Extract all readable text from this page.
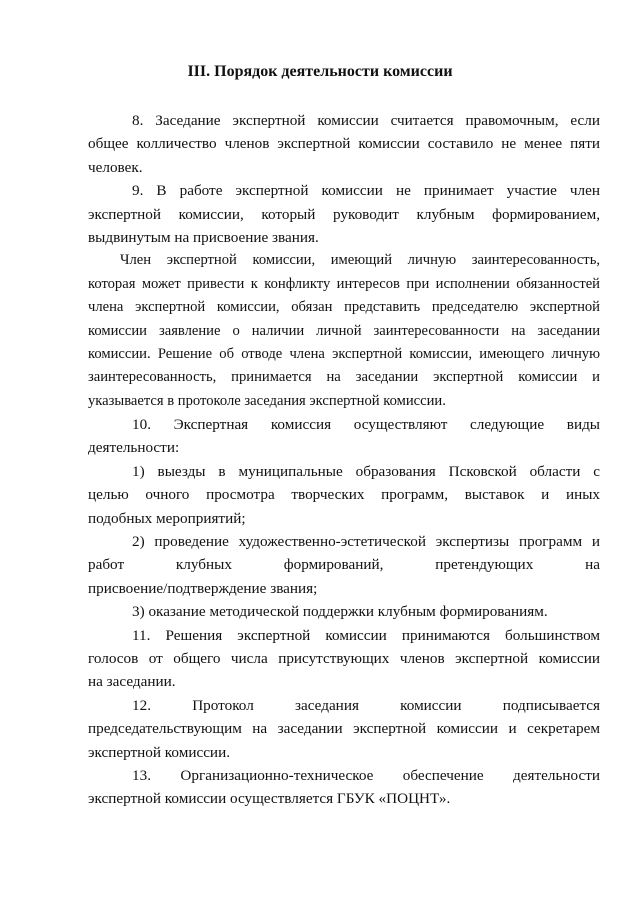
III. Порядок деятельности комиссии
8. Заседание экспертной комиссии считается правомочным, если
общее колличество членов экспертной комиссии составило не менее пяти
человек.
9. В работе экспертной комиссии не принимает участие член
экспертной комиссии, который руководит клубным формированием,
выдвинутым на присвоение звания.
Член экспертной комиссии, имеющий личную заинтересованность,
которая может привести к конфликту интересов при исполнении обязанностей
члена экспертной комиссии, обязан представить председателю экспертной
комиссии заявление о наличии личной заинтересованности на заседании
комиссии. Решение об отводе члена экспертной комиссии, имеющего личную
заинтересованность, принимается на заседании экспертной комиссии и
указывается в протоколе заседания экспертной комиссии.
10. Экспертная комиссия осуществляют следующие виды
деятельности:
1) выезды в муниципальные образования Псковской области с
целью очного просмотра творческих программ, выставок и иных
подобных мероприятий;
2) проведение художественно-эстетической экспертизы программ и
работ клубных формирований, претендующих на
присвоение/подтверждение звания;
3) оказание методической поддержки клубным формированиям.
11. Решения экспертной комиссии принимаются большинством
голосов от общего числа присутствующих членов экспертной комиссии
на заседании.
12. Протокол заседания комиссии подписывается
председательствующим на заседании экспертной комиссии и секретарем
экспертной комиссии.
13. Организационно-техническое обеспечение деятельности
экспертной комиссии осуществляется ГБУК «ПОЦНТ».
